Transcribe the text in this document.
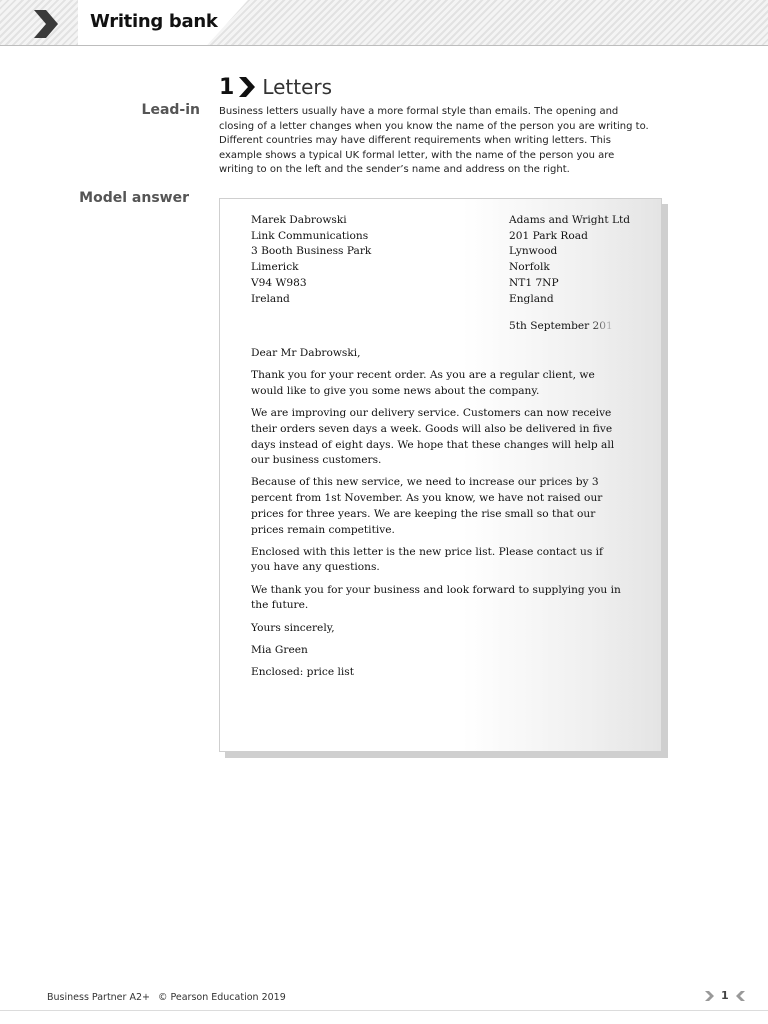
Writing bank
1 Letters
Lead-in Business letters usually have a more formal style than emails. The opening and closing of a letter changes when you know the name of the person you are writing to. Different countries may have different requirements when writing letters. This example shows a typical UK formal letter, with the name of the person you are writing to on the left and the sender’s name and address on the right.

Model answer
Marek Dabrowski
Link Communications
3 Booth Business Park
Limerick
V94 W983
Ireland
Adams and Wright Ltd
201 Park Road
Lynwood
Norfolk
NT1 7NP
England
5th September 201

Dear Mr Dabrowski,

Thank you for your recent order. As you are a regular client, we would like to give you some news about the company.

We are improving our delivery service. Customers can now receive their orders seven days a week. Goods will also be delivered in five days instead of eight days. We hope that these changes will help all our business customers.

Because of this new service, we need to increase our prices by 3 percent from 1st November. As you know, we have not raised our prices for three years. We are keeping the rise small so that our prices remain competitive.

Enclosed with this letter is the new price list. Please contact us if you have any questions.

We thank you for your business and look forward to supplying you in the future.

Yours sincerely,

Mia Green

Enclosed: price list

Business Partner A2+ © Pearson Education 2019	1
